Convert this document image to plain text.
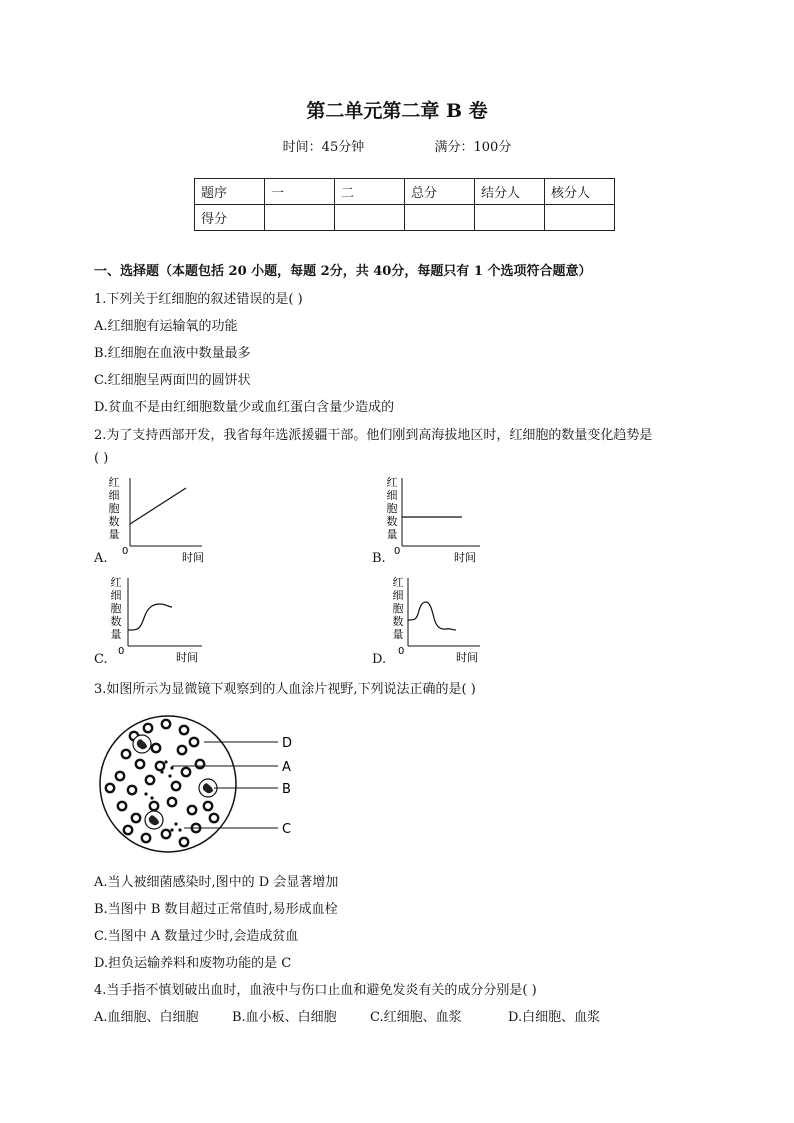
第二单元第二章 B 卷
时间：45分钟	满分：100分
题序	一	二	总分	结分人	核分人
得分					
一、选择题（本题包括 20 小题，每题 2分，共 40分，每题只有 1 个选项符合题意）
1.下列关于红细胞的叙述错误的是( )
A.红细胞有运输氧的功能
B.红细胞在血液中数量最多
C.红细胞呈两面凹的圆饼状
D.贫血不是由红细胞数量少或血红蛋白含量少造成的
2.为了支持西部开发，我省每年选派援疆干部。他们刚到高海拔地区时，红细胞的数量变化趋势是
( )
红
细
胞
数
量
0	时间
A.
红
细
胞
数
量
0	时间
B.
红
细
胞
数
量
0	时间
C.
红
细
胞
数
量
0	时间
D.
3.如图所示为显微镜下观察到的人血涂片视野,下列说法正确的是( )
D
A
B
C
A.当人被细菌感染时,图中的 D 会显著增加
B.当图中 B 数目超过正常值时,易形成血栓
C.当图中 A 数量过少时,会造成贫血
D.担负运输养料和废物功能的是 C
4.当手指不慎划破出血时，血液中与伤口止血和避免发炎有关的成分分别是( )
A.血细胞、白细胞	B.血小板、白细胞	C.红细胞、血浆	D.白细胞、血浆
